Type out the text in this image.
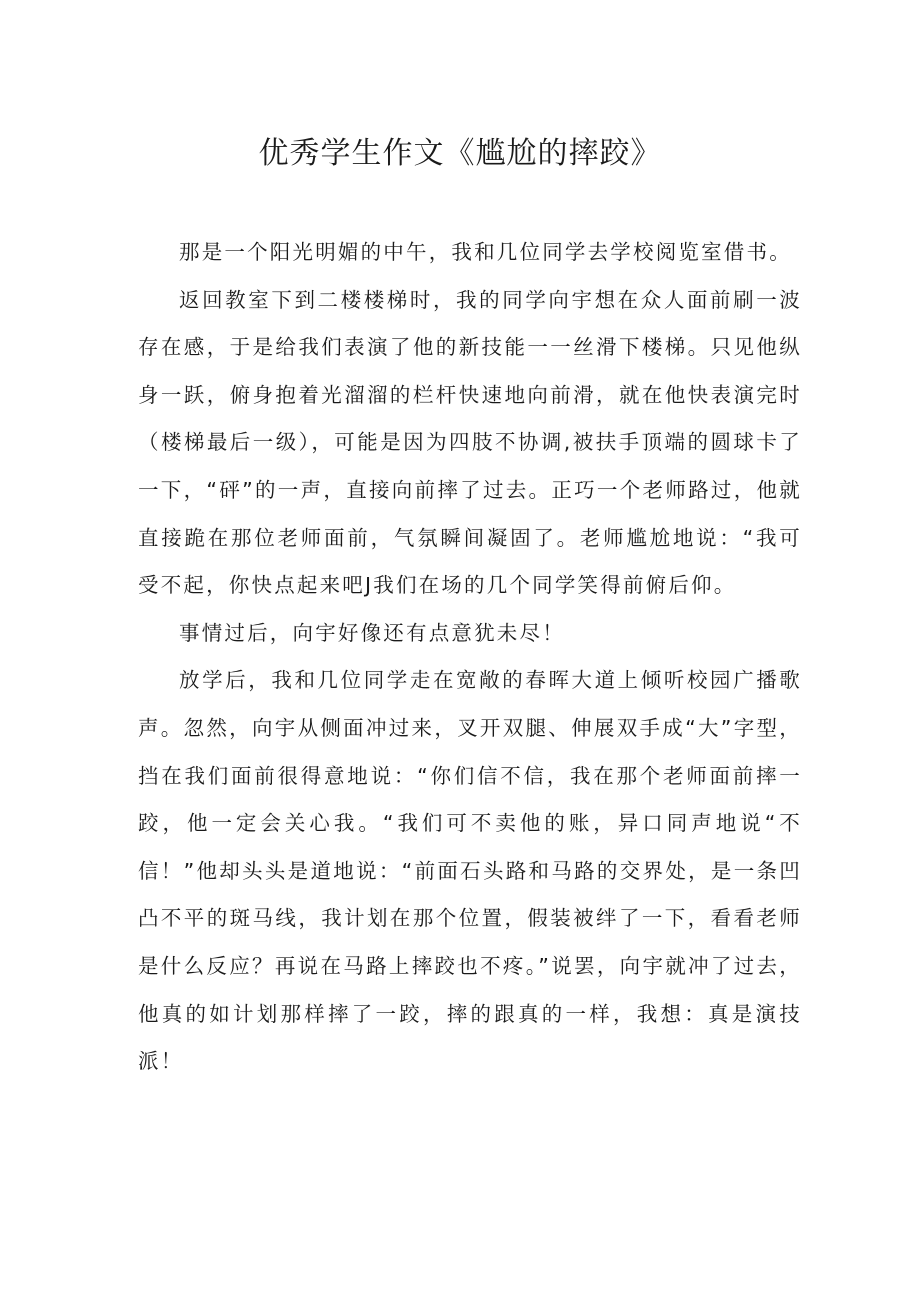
优秀学生作文《尴尬的摔跤》

那是一个阳光明媚的中午，我和几位同学去学校阅览室借书。

返回教室下到二楼楼梯时，我的同学向宇想在众人面前刷一波存在感，于是给我们表演了他的新技能一一丝滑下楼梯。只见他纵身一跃，俯身抱着光溜溜的栏杆快速地向前滑，就在他快表演完时（楼梯最后一级），可能是因为四肢不协调,被扶手顶端的圆球卡了一下，“砰”的一声，直接向前摔了过去。正巧一个老师路过，他就直接跪在那位老师面前，气氛瞬间凝固了。老师尴尬地说：“我可受不起，你快点起来吧J我们在场的几个同学笑得前俯后仰。

事情过后，向宇好像还有点意犹未尽！

放学后，我和几位同学走在宽敞的春晖大道上倾听校园广播歌声。忽然，向宇从侧面冲过来，叉开双腿、伸展双手成“大”字型，挡在我们面前很得意地说：“你们信不信，我在那个老师面前摔一跤，他一定会关心我。“我们可不卖他的账，异口同声地说“不信！”他却头头是道地说：“前面石头路和马路的交界处，是一条凹凸不平的斑马线，我计划在那个位置，假装被绊了一下，看看老师是什么反应？再说在马路上摔跤也不疼。”说罢，向宇就冲了过去，他真的如计划那样摔了一跤，摔的跟真的一样，我想：真是演技派！
